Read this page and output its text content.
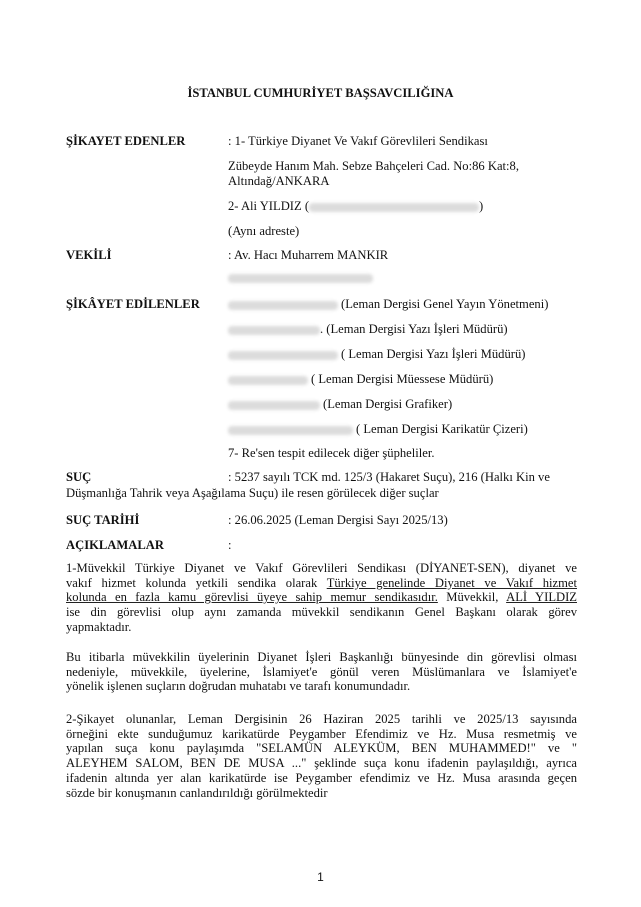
İSTANBUL CUMHURİYET BAŞSAVCILIĞINA
ŞİKAYET EDENLER	: 1- Türkiye Diyanet Ve Vakıf Görevlileri Sendikası
Zübeyde Hanım Mah. Sebze Bahçeleri Cad. No:86 Kat:8,
Altındağ/ANKARA
2- Ali YILDIZ (	)
(Aynı adreste)
VEKİLİ	: Av. Hacı Muharrem MANKIR
ŞİKÂYET EDİLENLER	(Leman Dergisi Genel Yayın Yönetmeni)
. (Leman Dergisi Yazı İşleri Müdürü)
( Leman Dergisi Yazı İşleri Müdürü)
( Leman Dergisi Müessese Müdürü)
(Leman Dergisi Grafiker)
( Leman Dergisi Karikatür Çizeri)
7- Re'sen tespit edilecek diğer şüpheliler.
SUÇ	: 5237 sayılı TCK md. 125/3 (Hakaret Suçu), 216 (Halkı Kin ve
Düşmanlığa Tahrik veya Aşağılama Suçu) ile resen görülecek diğer suçlar
SUÇ TARİHİ	: 26.06.2025 (Leman Dergisi Sayı 2025/13)
AÇIKLAMALAR	:
1-Müvekkil Türkiye Diyanet ve Vakıf Görevlileri Sendikası (DİYANET-SEN), diyanet ve
vakıf hizmet kolunda yetkili sendika olarak Türkiye genelinde Diyanet ve Vakıf hizmet
kolunda en fazla kamu görevlisi üyeye sahip memur sendikasıdır. Müvekkil, ALİ YILDIZ
ise din görevlisi olup aynı zamanda müvekkil sendikanın Genel Başkanı olarak görev
yapmaktadır.
Bu itibarla müvekkilin üyelerinin Diyanet İşleri Başkanlığı bünyesinde din görevlisi olması
nedeniyle, müvekkile, üyelerine, İslamiyet'e gönül veren Müslümanlara ve İslamiyet'e
yönelik işlenen suçların doğrudan muhatabı ve tarafı konumundadır.
2-Şikayet olunanlar, Leman Dergisinin 26 Haziran 2025 tarihli ve 2025/13 sayısında
örneğini ekte sunduğumuz karikatürde Peygamber Efendimiz ve Hz. Musa resmetmiş ve
yapılan suça konu paylaşımda "SELAMÜN ALEYKÜM, BEN MUHAMMED!" ve "
ALEYHEM SALOM, BEN DE MUSA ..." şeklinde suça konu ifadenin paylaşıldığı, ayrıca
ifadenin altında yer alan karikatürde ise Peygamber efendimiz ve Hz. Musa arasında geçen
sözde bir konuşmanın canlandırıldığı görülmektedir
1
